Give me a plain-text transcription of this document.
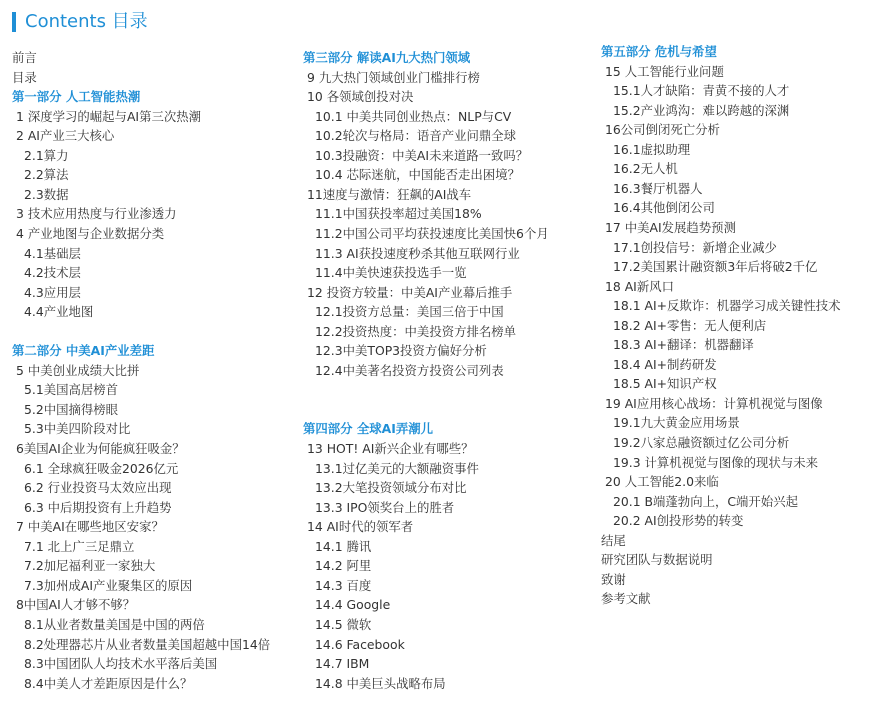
Contents 目录
前言
目录
第一部分 人工智能热潮
1 深度学习的崛起与AI第三次热潮
2 AI产业三大核心
2.1算力
2.2算法
2.3数据
3 技术应用热度与行业渗透力
4 产业地图与企业数据分类
4.1基础层
4.2技术层
4.3应用层
4.4产业地图
第二部分 中美AI产业差距
5 中美创业成绩大比拼
5.1美国高居榜首
5.2中国摘得榜眼
5.3中美四阶段对比
6美国AI企业为何能疯狂吸金？
6.1 全球疯狂吸金2026亿元
6.2 行业投资马太效应出现
6.3 中后期投资有上升趋势
7 中美AI在哪些地区安家？
7.1 北上广三足鼎立
7.2加尼福利亚一家独大
7.3加州成AI产业聚集区的原因
8中国AI人才够不够？
8.1从业者数量美国是中国的两倍
8.2处理器芯片从业者数量美国超越中国14倍
8.3中国团队人均技术水平落后美国
8.4中美人才差距原因是什么？
第三部分 解读AI九大热门领域
9 九大热门领域创业门槛排行榜
10 各领域创投对决
10.1 中美共同创业热点：NLP与CV
10.2轮次与格局：语音产业问鼎全球
10.3投融资：中美AI未来道路一致吗？
10.4 芯际迷航，中国能否走出困境？
11速度与激情：狂飙的AI战车
11.1中国获投率超过美国18%
11.2中国公司平均获投速度比美国快6个月
11.3 AI获投速度秒杀其他互联网行业
11.4中美快速获投选手一览
12 投资方较量：中美AI产业幕后推手
12.1投资方总量：美国三倍于中国
12.2投资热度：中美投资方排名榜单
12.3中美TOP3投资方偏好分析
12.4中美著名投资方投资公司列表
第四部分 全球AI弄潮儿
13 HOT! AI新兴企业有哪些？
13.1过亿美元的大额融资事件
13.2大笔投资领域分布对比
13.3 IPO领奖台上的胜者
14 AI时代的领军者
14.1 腾讯
14.2 阿里
14.3 百度
14.4 Google
14.5 微软
14.6 Facebook
14.7 IBM
14.8 中美巨头战略布局
第五部分 危机与希望
15 人工智能行业问题
15.1人才缺陷：青黄不接的人才
15.2产业鸿沟：难以跨越的深渊
16公司倒闭死亡分析
16.1虚拟助理
16.2无人机
16.3餐厅机器人
16.4其他倒闭公司
17 中美AI发展趋势预测
17.1创投信号：新增企业减少
17.2美国累计融资额3年后将破2千亿
18 AI新风口
18.1 AI+反欺诈：机器学习成关键性技术
18.2 AI+零售：无人便利店
18.3 AI+翻译：机器翻译
18.4 AI+制药研发
18.5 AI+知识产权
19 AI应用核心战场：计算机视觉与图像
19.1九大黄金应用场景
19.2八家总融资额过亿公司分析
19.3 计算机视觉与图像的现状与未来
20 人工智能2.0来临
20.1 B端蓬勃向上，C端开始兴起
20.2 AI创投形势的转变
结尾
研究团队与数据说明
致谢
参考文献
